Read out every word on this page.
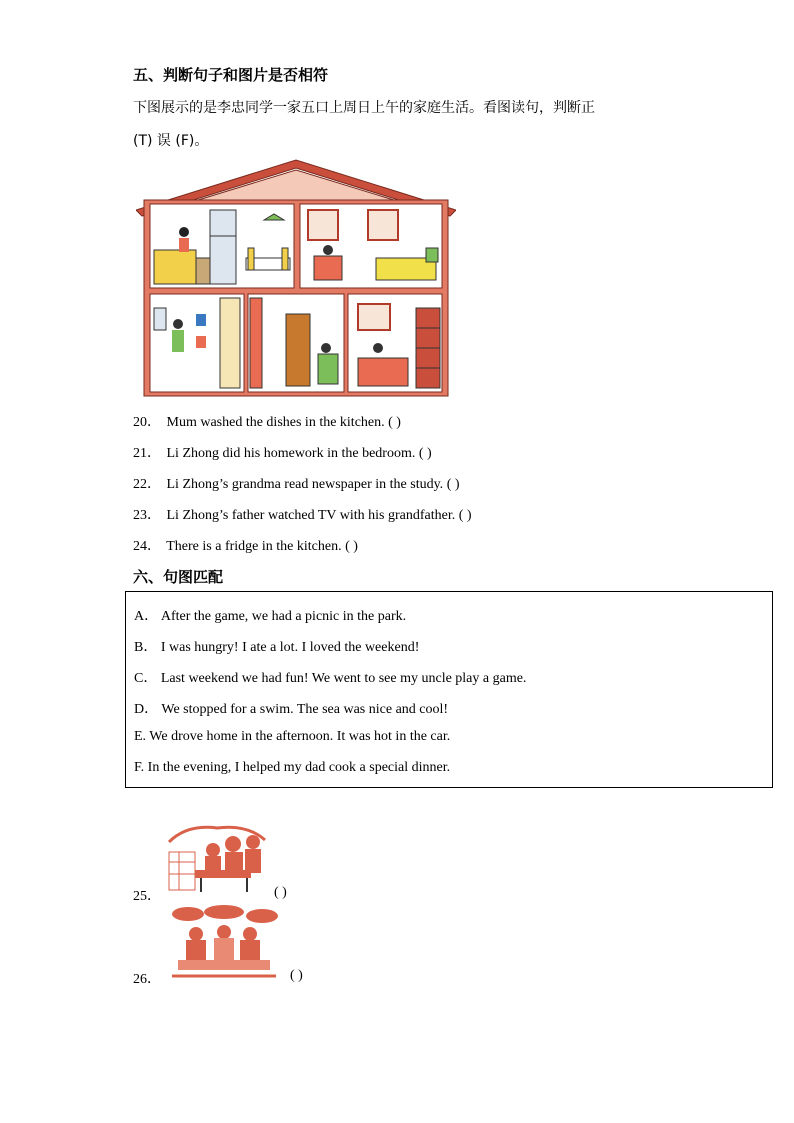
五、判断句子和图片是否相符
下图展示的是李忠同学一家五口上周日上午的家庭生活。看图读句，判断正
(T) 误 (F)。
20． Mum washed the dishes in the kitchen. ( )
21． Li Zhong did his homework in the bedroom. ( )
22． Li Zhong’s grandma read newspaper in the study. ( )
23． Li Zhong’s father watched TV with his grandfather. ( )
24． There is a fridge in the kitchen. ( )
六、句图匹配
A． After the game, we had a picnic in the park.
B． I was hungry! I ate a lot. I loved the weekend!
C． Last weekend we had fun! We went to see my uncle play a game.
D． We stopped for a swim. The sea was nice and cool!
E. We drove home in the afternoon. It was hot in the car.
F. In the evening, I helped my dad cook a special dinner.
25．	( )
26．	( )
